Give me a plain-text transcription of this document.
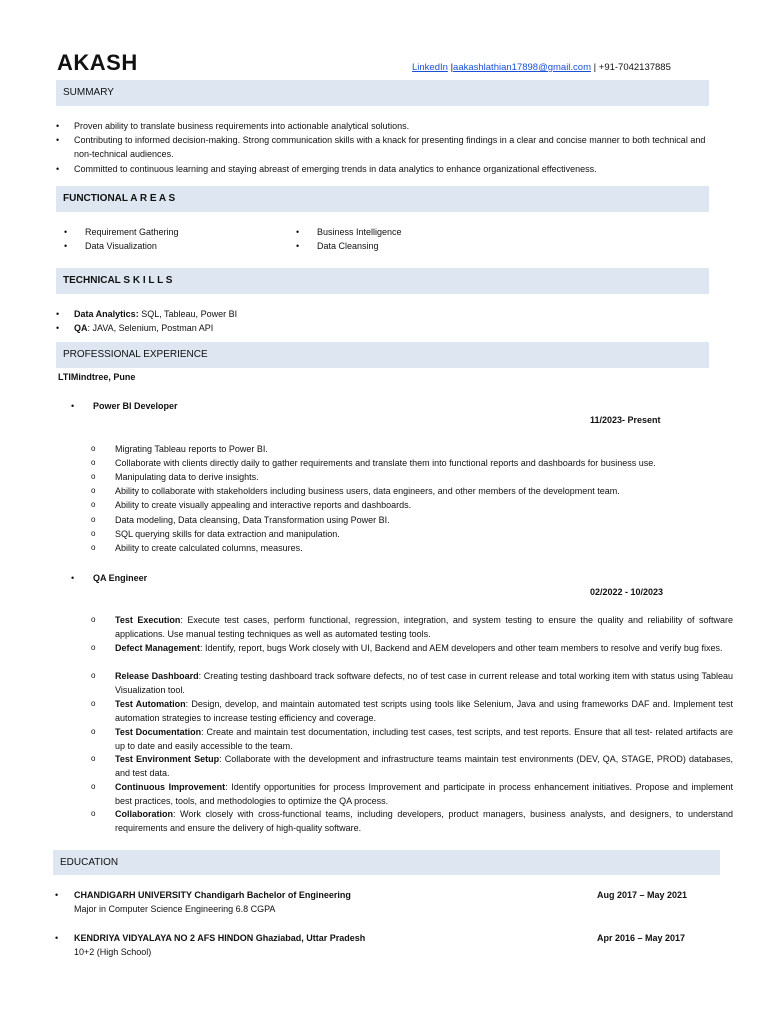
AKASH	LinkedIn |aakashlathian17898@gmail.com | +91-7042137885
SUMMARY
• Proven ability to translate business requirements into actionable analytical solutions.
• Contributing to informed decision-making. Strong communication skills with a knack for presenting findings in a clear and concise manner to both technical and non-technical audiences.
• Committed to continuous learning and staying abreast of emerging trends in data analytics to enhance organizational effectiveness.
FUNCTIONAL A R E A S
• Requirement Gathering
• Data Visualization
• Business Intelligence
• Data Cleansing
TECHNICAL S K I L L S
• Data Analytics: SQL, Tableau, Power BI
• QA: JAVA, Selenium, Postman API
PROFESSIONAL EXPERIENCE
LTIMindtree, Pune
• Power BI Developer
11/2023- Present
o Migrating Tableau reports to Power BI.
o Collaborate with clients directly daily to gather requirements and translate them into functional reports and dashboards for business use.
o Manipulating data to derive insights.
o Ability to collaborate with stakeholders including business users, data engineers, and other members of the development team.
o Ability to create visually appealing and interactive reports and dashboards.
o Data modeling, Data cleansing, Data Transformation using Power BI.
o SQL querying skills for data extraction and manipulation.
o Ability to create calculated columns, measures.
• QA Engineer
02/2022 - 10/2023
o Test Execution: Execute test cases, perform functional, regression, integration, and system testing to ensure the quality and reliability of software applications. Use manual testing techniques as well as automated testing tools.
o Defect Management: Identify, report, bugs Work closely with UI, Backend and AEM developers and other team members to resolve and verify bug fixes.
o Release Dashboard: Creating testing dashboard track software defects, no of test case in current release and total working item with status using Tableau Visualization tool.
o Test Automation: Design, develop, and maintain automated test scripts using tools like Selenium, Java and using frameworks DAF and. Implement test automation strategies to increase testing efficiency and coverage.
o Test Documentation: Create and maintain test documentation, including test cases, test scripts, and test reports. Ensure that all test- related artifacts are up to date and easily accessible to the team.
o Test Environment Setup: Collaborate with the development and infrastructure teams maintain test environments (DEV, QA, STAGE, PROD) databases, and test data.
o Continuous Improvement: Identify opportunities for process Improvement and participate in process enhancement initiatives. Propose and implement best practices, tools, and methodologies to optimize the QA process.
o Collaboration: Work closely with cross-functional teams, including developers, product managers, business analysts, and designers, to understand requirements and ensure the delivery of high-quality software.
EDUCATION
• CHANDIGARH UNIVERSITY Chandigarh Bachelor of Engineering
Major in Computer Science Engineering 6.8 CGPA
Aug 2017 – May 2021
• KENDRIYA VIDYALAYA NO 2 AFS HINDON Ghaziabad, Uttar Pradesh
10+2 (High School)
Apr 2016 – May 2017
